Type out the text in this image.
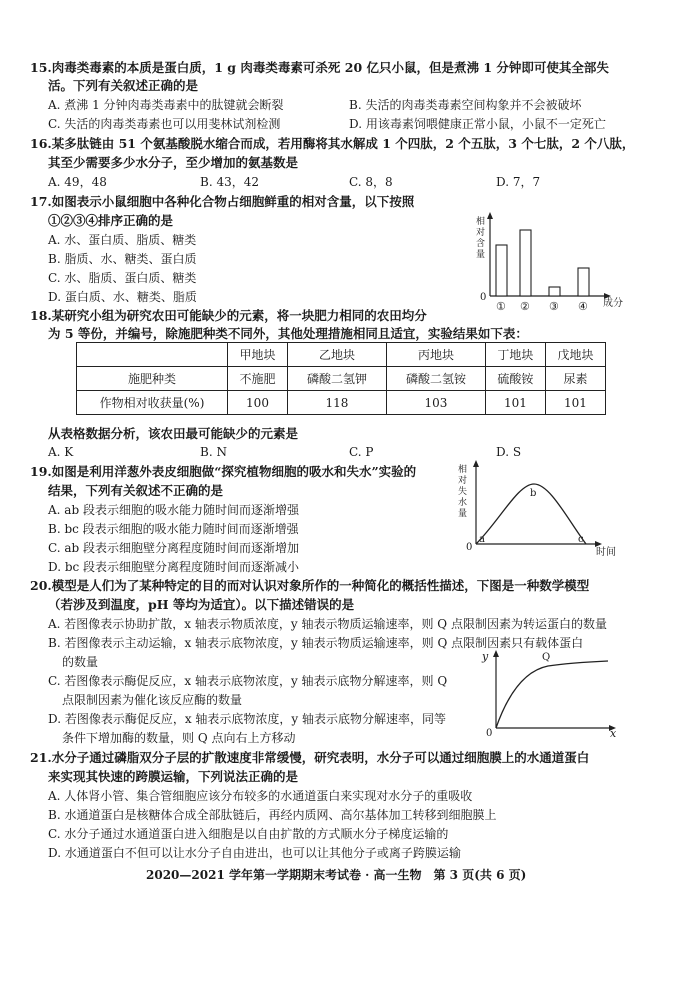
15.肉毒类毒素的本质是蛋白质，1 g 肉毒类毒素可杀死 20 亿只小鼠，但是煮沸 1 分钟即可使其全部失
活。下列有关叙述正确的是
A. 煮沸 1 分钟肉毒类毒素中的肽键就会断裂	B. 失活的肉毒类毒素空间构象并不会被破坏
C. 失活的肉毒类毒素也可以用斐林试剂检测	D. 用该毒素饲喂健康正常小鼠，小鼠不一定死亡
16.某多肽链由 51 个氨基酸脱水缩合而成，若用酶将其水解成 1 个四肽，2 个五肽，3 个七肽，2 个八肽，
其至少需要多少水分子，至少增加的氨基数是
A. 49，48	B. 43，42	C. 8，8	D. 7，7
17.如图表示小鼠细胞中各种化合物占细胞鲜重的相对含量，以下按照
①②③④排序正确的是
A. 水、蛋白质、脂质、糖类
B. 脂质、水、糖类、蛋白质
C. 水、脂质、蛋白质、糖类
D. 蛋白质、水、糖类、脂质
相
对
含
量
0
① ② ③ ④ 成分
18.某研究小组为研究农田可能缺少的元素，将一块肥力相同的农田均分
为 5 等份，并编号，除施肥种类不同外，其他处理措施相同且适宜，实验结果如下表：
	甲地块	乙地块	丙地块	丁地块	戊地块
施肥种类	不施肥	磷酸二氢钾	磷酸二氢铵	硫酸铵	尿素
作物相对收获量(%)	100	118	103	101	101
从表格数据分析，该农田最可能缺少的元素是
A. K	B. N	C. P	D. S
19.如图是利用洋葱外表皮细胞做“探究植物细胞的吸水和失水”实验的
结果，下列有关叙述不正确的是
A. ab 段表示细胞的吸水能力随时间而逐渐增强
B. bc 段表示细胞的吸水能力随时间而逐渐增强
C. ab 段表示细胞壁分离程度随时间而逐渐增加
D. bc 段表示细胞壁分离程度随时间而逐渐减小
相
对
失
水
量
0
a
b
c
时间
20.模型是人们为了某种特定的目的而对认识对象所作的一种简化的概括性描述，下图是一种数学模型
（若涉及到温度，pH 等均为适宜）。以下描述错误的是
A. 若图像表示协助扩散，x 轴表示物质浓度，y 轴表示物质运输速率，则 Q 点限制因素为转运蛋白的数量
B. 若图像表示主动运输，x 轴表示底物浓度，y 轴表示物质运输速率，则 Q 点限制因素只有载体蛋白
的数量
C. 若图像表示酶促反应，x 轴表示底物浓度，y 轴表示底物分解速率，则 Q
点限制因素为催化该反应酶的数量
D. 若图像表示酶促反应，x 轴表示底物浓度，y 轴表示底物分解速率，同等
条件下增加酶的数量，则 Q 点向右上方移动
y
0
Q
x
21.水分子通过磷脂双分子层的扩散速度非常缓慢，研究表明，水分子可以通过细胞膜上的水通道蛋白
来实现其快速的跨膜运输，下列说法正确的是
A. 人体肾小管、集合管细胞应该分布较多的水通道蛋白来实现对水分子的重吸收
B. 水通道蛋白是核糖体合成全部肽链后，再经内质网、高尔基体加工转移到细胞膜上
C. 水分子通过水通道蛋白进入细胞是以自由扩散的方式顺水分子梯度运输的
D. 水通道蛋白不但可以让水分子自由进出，也可以让其他分子或离子跨膜运输
2020—2021 学年第一学期期末考试卷 · 高一生物　第 3 页(共 6 页)
